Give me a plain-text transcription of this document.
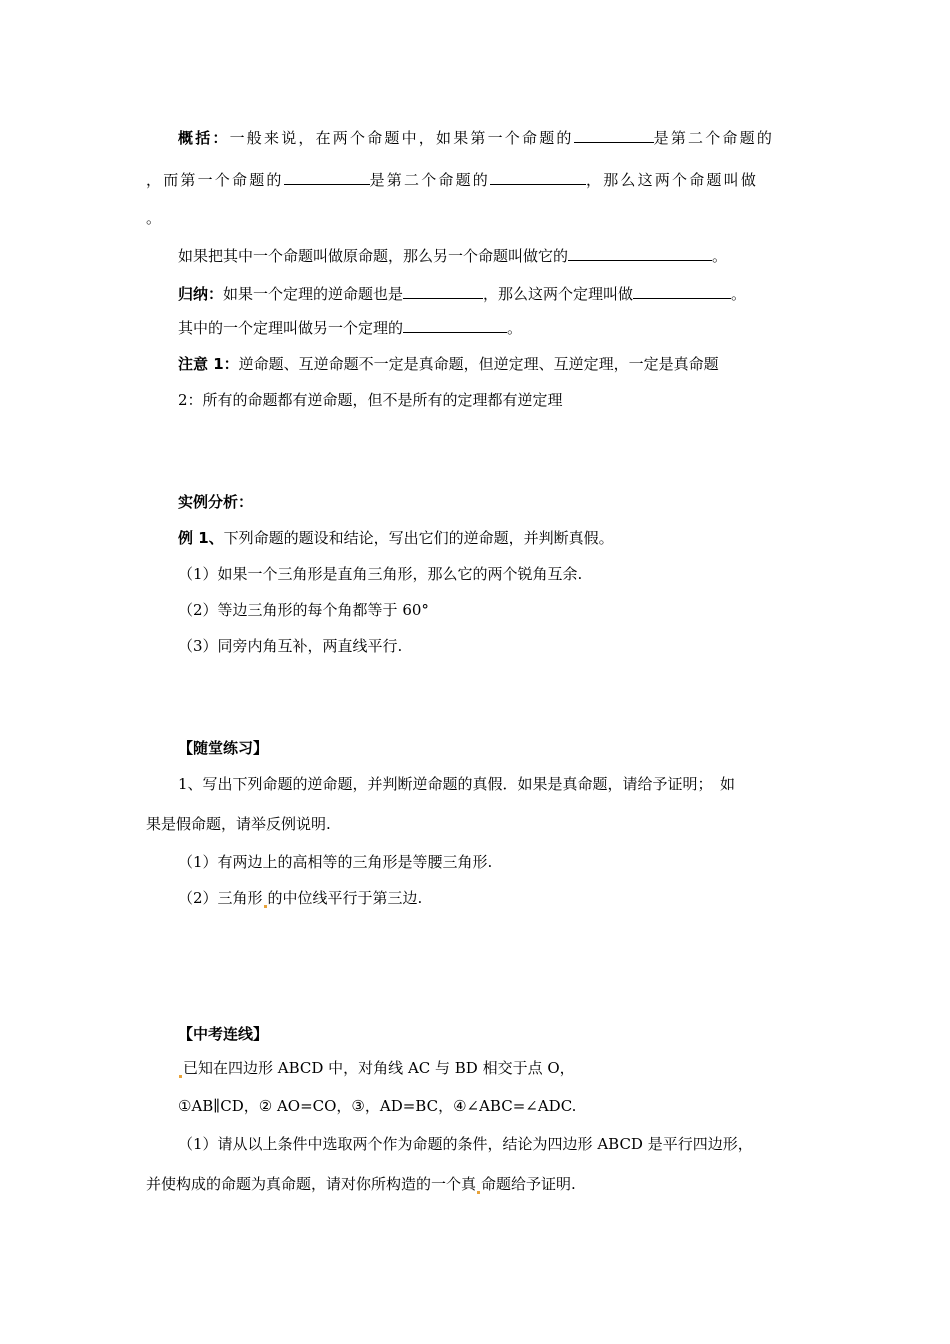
概括：一般来说，在两个命题中，如果第一个命题的	是第二个命题的
，而第一个命题的	是第二个命题的	，那么这两个命题叫做
。
如果把其中一个命题叫做原命题，那么另一个命题叫做它的	。
归纳：如果一个定理的逆命题也是	，那么这两个定理叫做	。
其中的一个定理叫做另一个定理的	。
注意 1：逆命题、互逆命题不一定是真命题，但逆定理、互逆定理，一定是真命题
2：所有的命题都有逆命题，但不是所有的定理都有逆定理
实例分析：
例 1、下列命题的题设和结论，写出它们的逆命题，并判断真假。
（1）如果一个三角形是直角三角形，那么它的两个锐角互余.
（2）等边三角形的每个角都等于 60°
（3）同旁内角互补，两直线平行.
【随堂练习】
1、写出下列命题的逆命题，并判断逆命题的真假．如果是真命题，请给予证明；　如
果是假命题，请举反例说明.
（1）有两边上的高相等的三角形是等腰三角形.
（2）三角形 的中位线平行于第三边.
【中考连线】
已知在四边形 ABCD 中，对角线 AC 与 BD 相交于点 O，
①AB∥CD，② AO=CO，③，AD=BC，④∠ABC=∠ADC.
（1）请从以上条件中选取两个作为命题的条件，结论为四边形 ABCD 是平行四边形，
并使构成的命题为真命题，请对你所构造的一个真 命题给予证明.
